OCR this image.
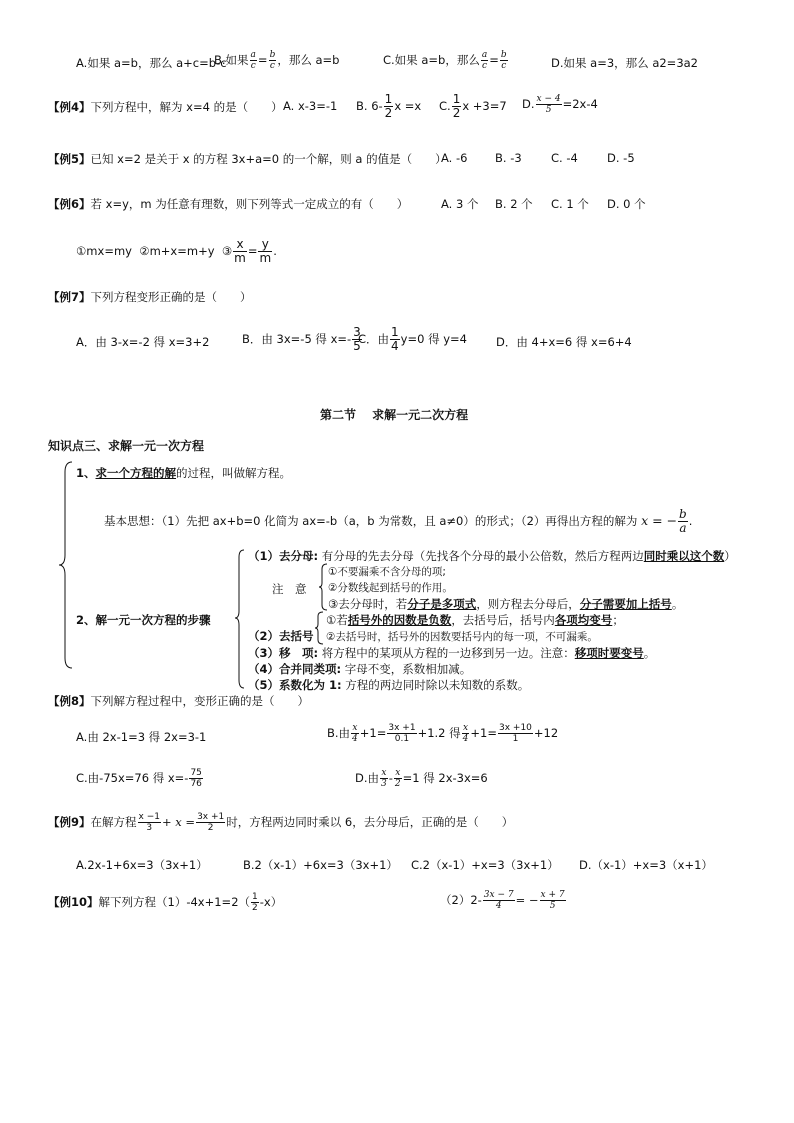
A.如果 a=b，那么 a+c=b-c
B.如果 $\frac{a}{c} = \frac{b}{c}$ ，那么 a=b	C.如果 a=b，那么 $\frac{a}{c} = \frac{b}{c}$	D.如果 a=3，那么 a2=3a2
【例4】下列方程中，解为 x=4 的是（　　） A. x-3=-1 B. $6- \frac{1}{2}$ x =x C. $\frac{1}{2}$ x +3=7 D. $\frac{x - 4}{5} =2x-4$
【例5】已知 x=2 是关于 x 的方程 3x+a=0 的一个解，则 a 的值是（　　）
A. -6 B. -3	C. -4	D. -5
【例6】若 x=y，m 为任意有理数，则下列等式一定成立的有（　　）	A. 3 个 B. 2 个 C. 1 个 D. 0 个
①mx=my ②m+x=m+y ③ $\frac{x}{m} = \frac{y}{m}$ .
【例7】下列方程变形正确的是（　　）
A．由 3-x=-2 得 x=3+2	B．由 3x=-5 得 $x=- \frac{3}{5}$
C．由 $\frac{1}{4} y=0$ 得 y=4	D．由 4+x=6 得 x=6+4
第二节　 求解一元二次方程
知识点三、求解一元一次方程
1、求一个方程的解的过程，叫做解方程。
基本思想：（1）先把 ax+b=0 化简为 ax=-b（a，b 为常数，且 a≠0）的形式；（2）再得出方程的解为 x = − $\frac{b}{a}$ .
2、解一元一次方程的步骤
（1）去分母: 有分母的先去分母（先找各个分母的最小公倍数，然后方程两边同时乘以这个数）
注　意
①不要漏乘不含分母的项;
②分数线起到括号的作用。
③去分母时，若分子是多项式，则方程去分母后，分子需要加上括号。
（2）去括号
①若括号外的因数是负数，去括号后，括号内各项均变号；
②去括号时，括号外的因数要括号内的每一项，不可漏乘。
（3）移　项: 将方程中的某项从方程的一边移到另一边。注意：移项时要变号。
（4）合并同类项: 字母不变，系数相加减。
（5）系数化为 1: 方程的两边同时除以未知数的系数。
【例8】下列解方程过程中，变形正确的是（　　）
A.由 2x-1=3 得 2x=3-1	B.由 $\frac{x}{4} +1= \frac{3x +1}{0.1} +1.2$ 得 $\frac{x}{4} +1= \frac{3x +10}{1} +12$
C.由-75x=76 得 $x=- \frac{75}{76}$	D.由 $\frac{x}{3} - \frac{x}{2} =1$ 得 2x-3x=6
【例9】在解方程 $\frac{x -1}{3} + x = \frac{3x +1}{2}$ 时，方程两边同时乘以 6，去分母后，正确的是（　　）
A.2x-1+6x=3（3x+1）	B.2（x-1）+6x=3（3x+1） C.2（x-1）+x=3（3x+1） D.（x-1）+x=3（x+1）
【例10】解下列方程$(1)-4x+1=2( \frac{1}{2} -x)$	$(2)2- \frac{3x - 7}{4}$ = − $\frac{x + 7}{5}$
